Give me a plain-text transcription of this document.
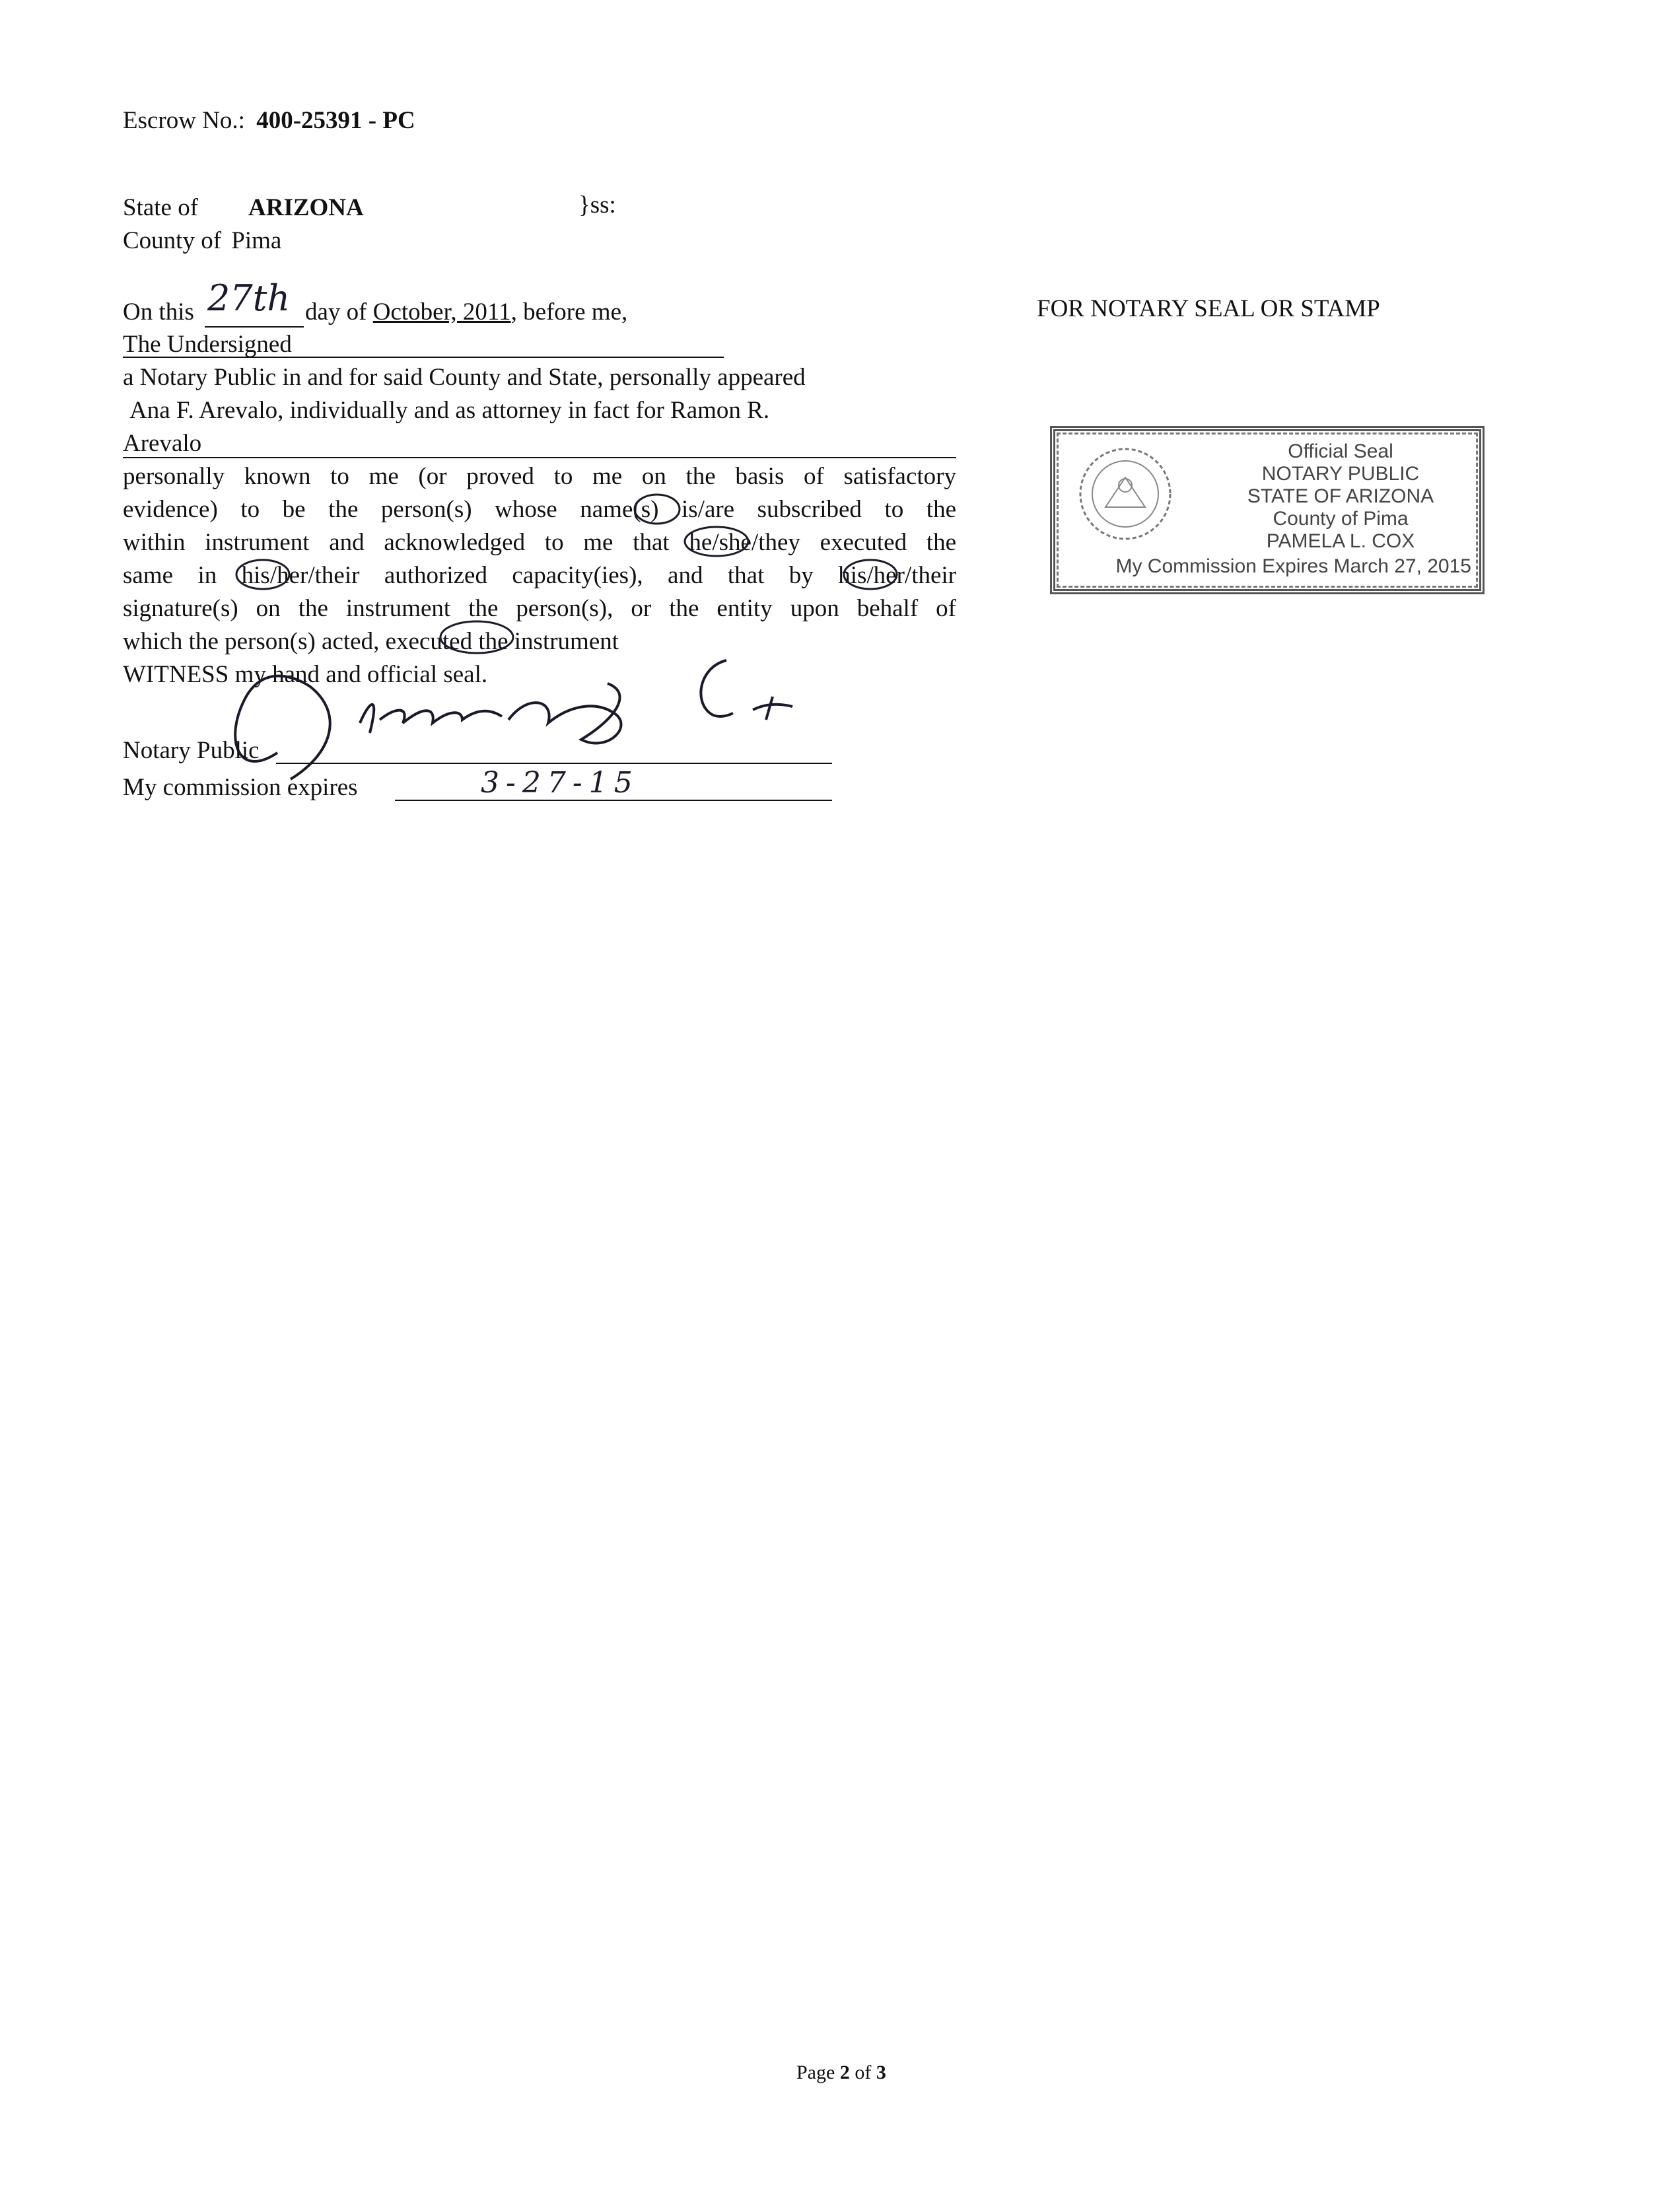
Escrow No.: 400-25391 - PC
State of ARIZONA	}ss:
County of Pima
On this 27th day of October, 2011, before me,
The Undersigned
a Notary Public in and for said County and State, personally appeared
Ana F. Arevalo, individually and as attorney in fact for Ramon R.
Arevalo
personally known to me (or proved to me on the basis of satisfactory
evidence) to be the person(s) whose name(s) is/are subscribed to the
within instrument and acknowledged to me that he/she/they executed the
same in his/her/their authorized capacity(ies), and that by his/her/their
signature(s) on the instrument the person(s), or the entity upon behalf of
which the person(s) acted, executed the instrument
WITNESS my hand and official seal.
Notary Public
My commission expires	3-27-15
FOR NOTARY SEAL OR STAMP
Official Seal
NOTARY PUBLIC
STATE OF ARIZONA
County of Pima
PAMELA L. COX
My Commission Expires March 27, 2015
Page 2 of 3
